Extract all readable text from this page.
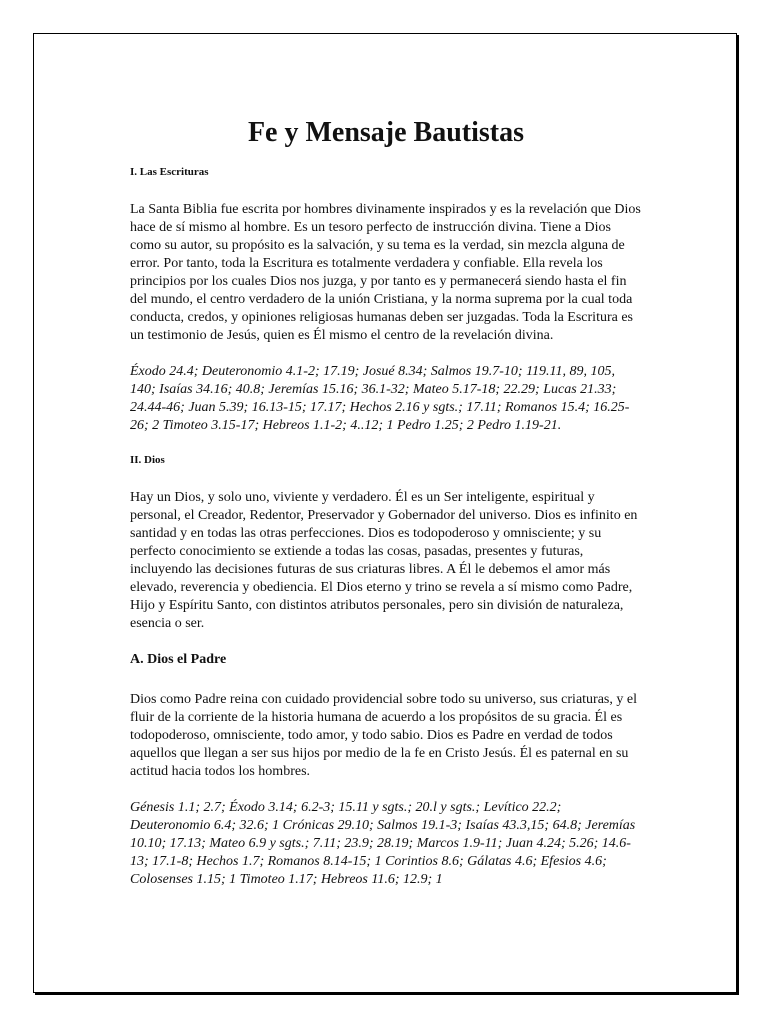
Fe y Mensaje Bautistas
I. Las Escrituras

La Santa Biblia fue escrita por hombres divinamente inspirados y es la revelación que Dios hace de sí mismo al hombre. Es un tesoro perfecto de instrucción divina. Tiene a Dios como su autor, su propósito es la salvación, y su tema es la verdad, sin mezcla alguna de error. Por tanto, toda la Escritura es totalmente verdadera y confiable. Ella revela los principios por los cuales Dios nos juzga, y por tanto es y permanecerá siendo hasta el fin del mundo, el centro verdadero de la unión Cristiana, y la norma suprema por la cual toda conducta, credos, y opiniones religiosas humanas deben ser juzgadas. Toda la Escritura es un testimonio de Jesús, quien es Él mismo el centro de la revelación divina.

Éxodo 24.4; Deuteronomio 4.1-2; 17.19; Josué 8.34; Salmos 19.7-10; 119.11, 89, 105, 140; Isaías 34.16; 40.8; Jeremías 15.16; 36.1-32; Mateo 5.17-18; 22.29; Lucas 21.33; 24.44-46; Juan 5.39; 16.13-15; 17.17; Hechos 2.16 y sgts.; 17.11; Romanos 15.4; 16.25-26; 2 Timoteo 3.15-17; Hebreos 1.1-2; 4..12; 1 Pedro 1.25; 2 Pedro 1.19-21.

II. Dios

Hay un Dios, y solo uno, viviente y verdadero. Él es un Ser inteligente, espiritual y personal, el Creador, Redentor, Preservador y Gobernador del universo. Dios es infinito en santidad y en todas las otras perfecciones. Dios es todopoderoso y omnisciente; y su perfecto conocimiento se extiende a todas las cosas, pasadas, presentes y futuras, incluyendo las decisiones futuras de sus criaturas libres. A Él le debemos el amor más elevado, reverencia y obediencia. El Dios eterno y trino se revela a sí mismo como Padre, Hijo y Espíritu Santo, con distintos atributos personales, pero sin división de naturaleza, esencia o ser.

A. Dios el Padre

Dios como Padre reina con cuidado providencial sobre todo su universo, sus criaturas, y el fluir de la corriente de la historia humana de acuerdo a los propósitos de su gracia. Él es todopoderoso, omnisciente, todo amor, y todo sabio. Dios es Padre en verdad de todos aquellos que llegan a ser sus hijos por medio de la fe en Cristo Jesús. Él es paternal en su actitud hacia todos los hombres.

Génesis 1.1; 2.7; Éxodo 3.14; 6.2-3; 15.11 y sgts.; 20.l y sgts.; Levítico 22.2; Deuteronomio 6.4; 32.6; 1 Crónicas 29.10; Salmos 19.1-3; Isaías 43.3,15; 64.8; Jeremías 10.10; 17.13; Mateo 6.9 y sgts.; 7.11; 23.9; 28.19; Marcos 1.9-11; Juan 4.24; 5.26; 14.6-13; 17.1-8; Hechos 1.7; Romanos 8.14-15; 1 Corintios 8.6; Gálatas 4.6; Efesios 4.6; Colosenses 1.15; 1 Timoteo 1.17; Hebreos 11.6; 12.9; 1
